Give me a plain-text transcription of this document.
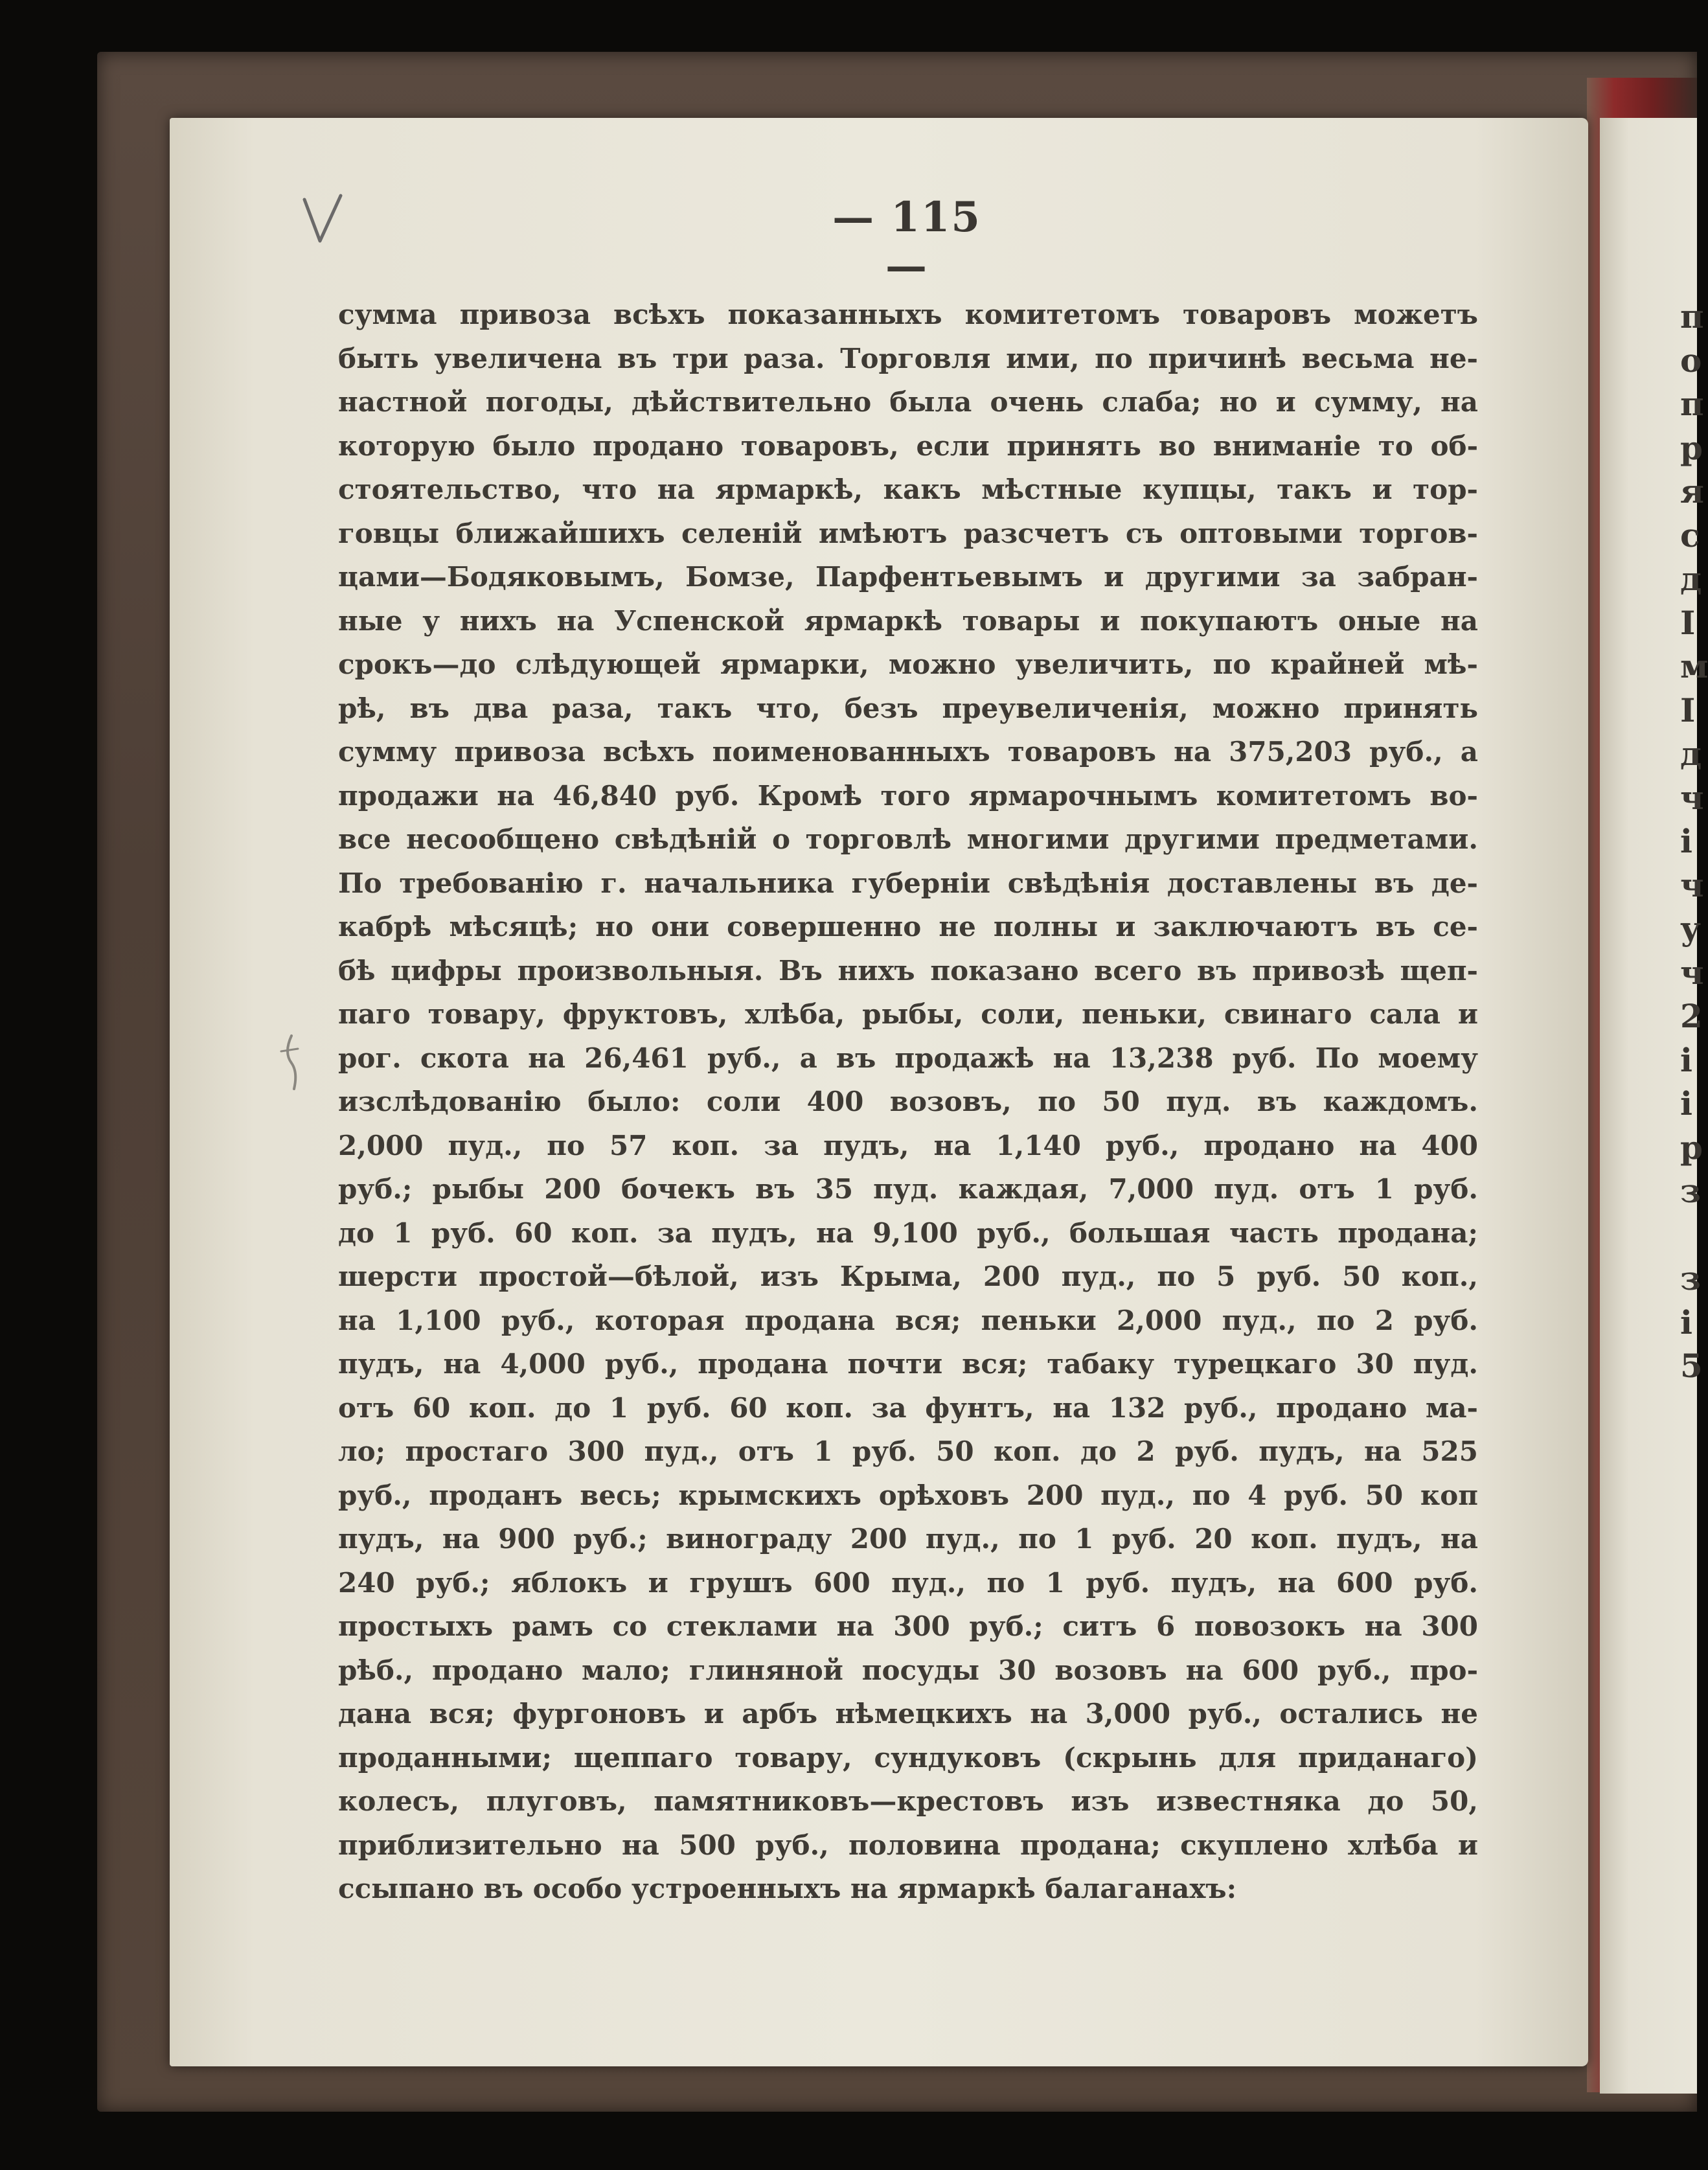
п
о
п
р
я
с
д
І
м
І
д
ч
і
ч
у
ч
2
і
і
р
з
з
і
5
— 115 —
сумма привоза всѣхъ показанныхъ комитетомъ товаровъ можетъ
быть увеличена въ три раза. Торговля ими, по причинѣ весьма не-
настной погоды, дѣйствительно была очень слаба; но и сумму, на
которую было продано товаровъ, если принять во вниманіе то об-
стоятельство, что на ярмаркѣ, какъ мѣстные купцы, такъ и тор-
говцы ближайшихъ селеній имѣютъ разсчетъ съ оптовыми торгов-
цами—Бодяковымъ, Бомзе, Парфентьевымъ и другими за забран-
ные у нихъ на Успенской ярмаркѣ товары и покупаютъ оные на
срокъ—до слѣдующей ярмарки, можно увеличить, по крайней мѣ-
рѣ, въ два раза, такъ что, безъ преувеличенія, можно принять
сумму привоза всѣхъ поименованныхъ товаровъ на 375,203 руб., а
продажи на 46,840 руб. Кромѣ того ярмарочнымъ комитетомъ во-
все несообщено свѣдѣній о торговлѣ многими другими предметами.
По требованію г. начальника губерніи свѣдѣнія доставлены въ де-
кабрѣ мѣсяцѣ; но они совершенно не полны и заключаютъ въ се-
бѣ цифры произвольныя. Въ нихъ показано всего въ привозѣ щеп-
паго товару, фруктовъ, хлѣба, рыбы, соли, пеньки, свинаго сала и
рог. скота на 26,461 руб., а въ продажѣ на 13,238 руб. По моему
изслѣдованію было: соли 400 возовъ, по 50 пуд. въ каждомъ.
2,000 пуд., по 57 коп. за пудъ, на 1,140 руб., продано на 400
руб.; рыбы 200 бочекъ въ 35 пуд. каждая, 7,000 пуд. отъ 1 руб.
до 1 руб. 60 коп. за пудъ, на 9,100 руб., большая часть продана;
шерсти простой—бѣлой, изъ Крыма, 200 пуд., по 5 руб. 50 коп.,
на 1,100 руб., которая продана вся; пеньки 2,000 пуд., по 2 руб.
пудъ, на 4,000 руб., продана почти вся; табаку турецкаго 30 пуд.
отъ 60 коп. до 1 руб. 60 коп. за фунтъ, на 132 руб., продано ма-
ло; простаго 300 пуд., отъ 1 руб. 50 коп. до 2 руб. пудъ, на 525
руб., проданъ весь; крымскихъ орѣховъ 200 пуд., по 4 руб. 50 коп
пудъ, на 900 руб.; винограду 200 пуд., по 1 руб. 20 коп. пудъ, на
240 руб.; яблокъ и грушъ 600 пуд., по 1 руб. пудъ, на 600 руб.
простыхъ рамъ со стеклами на 300 руб.; ситъ 6 повозокъ на 300
рѣб., продано мало; глиняной посуды 30 возовъ на 600 руб., про-
дана вся; фургоновъ и арбъ нѣмецкихъ на 3,000 руб., остались не
проданными; щеппаго товару, сундуковъ (скрынь для приданаго)
колесъ, плуговъ, памятниковъ—крестовъ изъ известняка до 50,
приблизительно на 500 руб., половина продана; скуплено хлѣба и
ссыпано въ особо устроенныхъ на ярмаркѣ балаганахъ:
